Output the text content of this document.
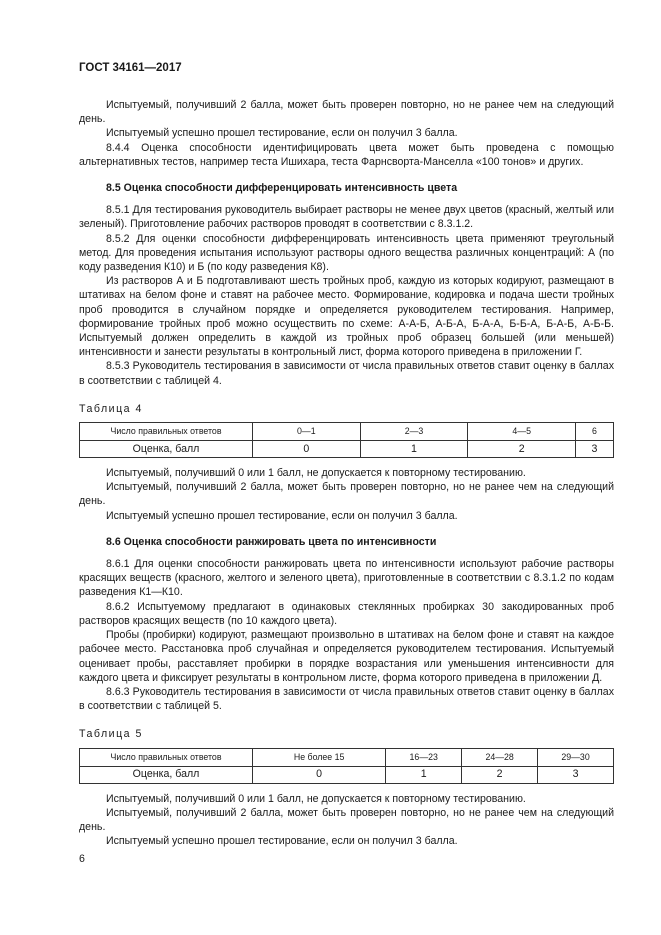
ГОСТ 34161—2017

Испытуемый, получивший 2 балла, может быть проверен повторно, но не ранее чем на следующий день.

Испытуемый успешно прошел тестирование, если он получил 3 балла.

8.4.4 Оценка способности идентифицировать цвета может быть проведена с помощью альтернативных тестов, например теста Ишихара, теста Фарнсворта-Манселла «100 тонов» и других.

8.5 Оценка способности дифференцировать интенсивность цвета

8.5.1 Для тестирования руководитель выбирает растворы не менее двух цветов (красный, желтый или зеленый). Приготовление рабочих растворов проводят в соответствии с 8.3.1.2.

8.5.2 Для оценки способности дифференцировать интенсивность цвета применяют треугольный метод. Для проведения испытания используют растворы одного вещества различных концентраций: А (по коду разведения К10) и Б (по коду разведения К8).

Из растворов А и Б подготавливают шесть тройных проб, каждую из которых кодируют, размещают в штативах на белом фоне и ставят на рабочее место. Формирование, кодировка и подача шести тройных проб проводится в случайном порядке и определяется руководителем тестирования. Например, формирование тройных проб можно осуществить по схеме: А-А-Б, А-Б-А, Б-А-А, Б-Б-А, Б-А-Б, А-Б-Б. Испытуемый должен определить в каждой из тройных проб образец большей (или меньшей) интенсивности и занести результаты в контрольный лист, форма которого приведена в приложении Г.

8.5.3 Руководитель тестирования в зависимости от числа правильных ответов ставит оценку в баллах в соответствии с таблицей 4.

Таблица 4

Число правильных ответов	0—1	2—3	4—5	6
Оценка, балл	0	1	2	3

Испытуемый, получивший 0 или 1 балл, не допускается к повторному тестированию.

Испытуемый, получивший 2 балла, может быть проверен повторно, но не ранее чем на следующий день.

Испытуемый успешно прошел тестирование, если он получил 3 балла.

8.6 Оценка способности ранжировать цвета по интенсивности

8.6.1 Для оценки способности ранжировать цвета по интенсивности используют рабочие растворы красящих веществ (красного, желтого и зеленого цвета), приготовленные в соответствии с 8.3.1.2 по кодам разведения К1—К10.

8.6.2 Испытуемому предлагают в одинаковых стеклянных пробирках 30 закодированных проб растворов красящих веществ (по 10 каждого цвета).

Пробы (пробирки) кодируют, размещают произвольно в штативах на белом фоне и ставят на каждое рабочее место. Расстановка проб случайная и определяется руководителем тестирования. Испытуемый оценивает пробы, расставляет пробирки в порядке возрастания или уменьшения интенсивности для каждого цвета и фиксирует результаты в контрольном листе, форма которого приведена в приложении Д.

8.6.3 Руководитель тестирования в зависимости от числа правильных ответов ставит оценку в баллах в соответствии с таблицей 5.

Таблица 5

Число правильных ответов	Не более 15	16—23	24—28	29—30
Оценка, балл	0	1	2	3

Испытуемый, получивший 0 или 1 балл, не допускается к повторному тестированию.

Испытуемый, получивший 2 балла, может быть проверен повторно, но не ранее чем на следующий день.

Испытуемый успешно прошел тестирование, если он получил 3 балла.

6
